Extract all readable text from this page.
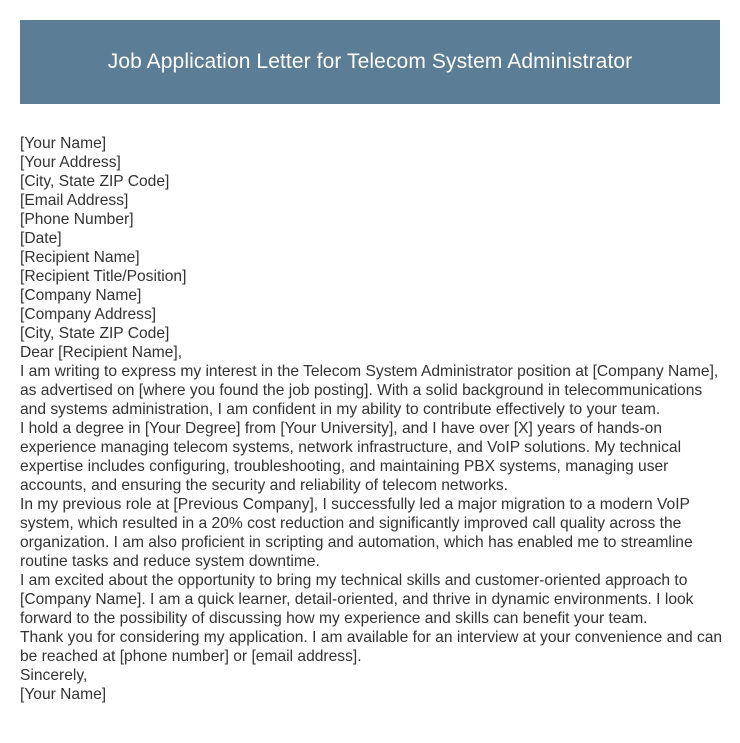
Job Application Letter for Telecom System Administrator
[Your Name]
[Your Address]
[City, State ZIP Code]
[Email Address]
[Phone Number]
[Date]
[Recipient Name]
[Recipient Title/Position]
[Company Name]
[Company Address]
[City, State ZIP Code]
Dear [Recipient Name],

I am writing to express my interest in the Telecom System Administrator position at [Company Name], as advertised on [where you found the job posting]. With a solid background in telecommunications and systems administration, I am confident in my ability to contribute effectively to your team.

I hold a degree in [Your Degree] from [Your University], and I have over [X] years of hands-on experience managing telecom systems, network infrastructure, and VoIP solutions. My technical expertise includes configuring, troubleshooting, and maintaining PBX systems, managing user accounts, and ensuring the security and reliability of telecom networks.

In my previous role at [Previous Company], I successfully led a major migration to a modern VoIP system, which resulted in a 20% cost reduction and significantly improved call quality across the organization. I am also proficient in scripting and automation, which has enabled me to streamline routine tasks and reduce system downtime.

I am excited about the opportunity to bring my technical skills and customer-oriented approach to [Company Name]. I am a quick learner, detail-oriented, and thrive in dynamic environments. I look forward to the possibility of discussing how my experience and skills can benefit your team.

Thank you for considering my application. I am available for an interview at your convenience and can be reached at [phone number] or [email address].

Sincerely,
[Your Name]
